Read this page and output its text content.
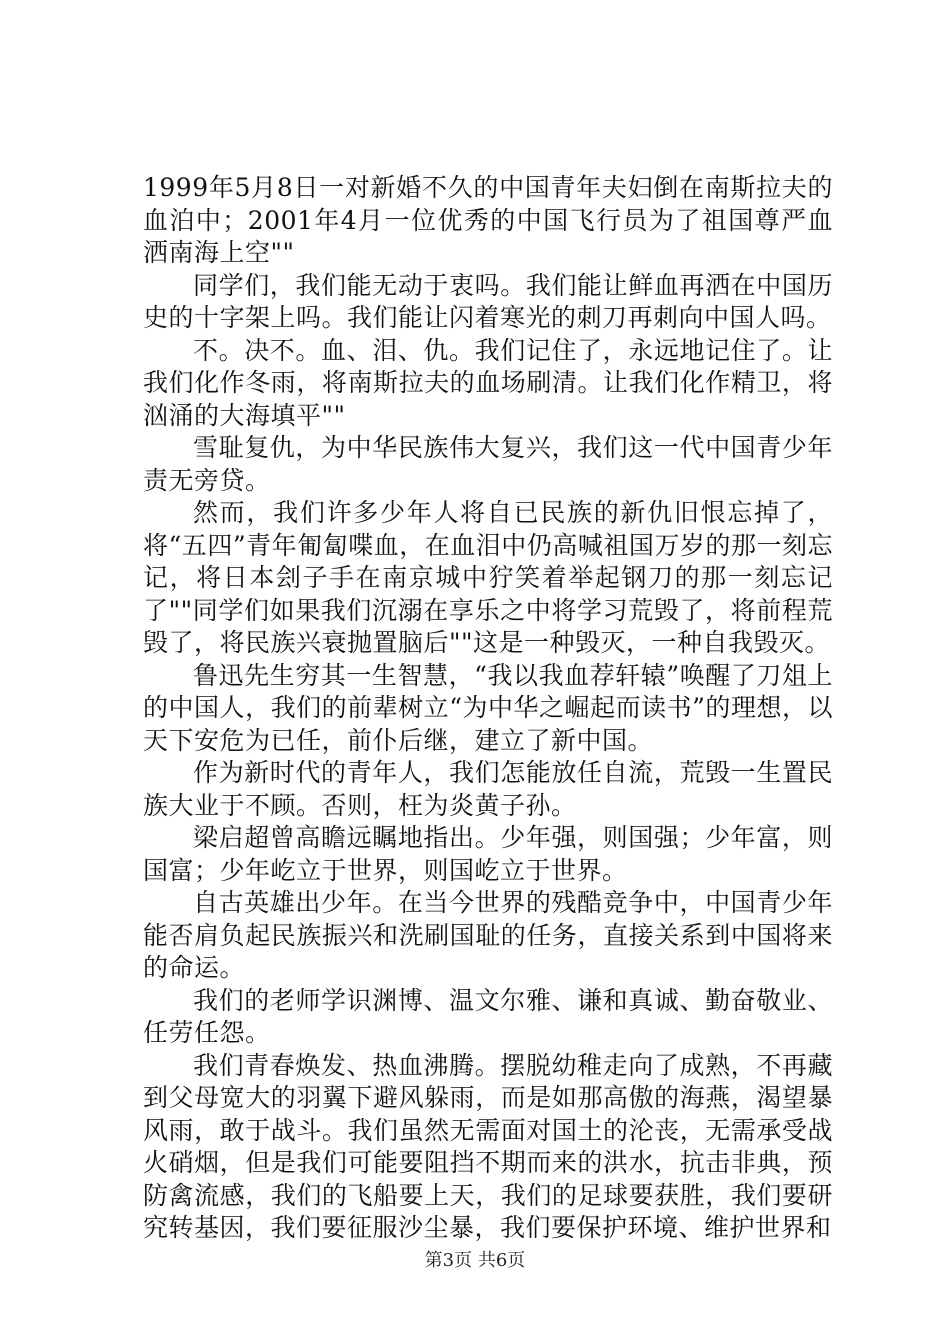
1999年5月8日一对新婚不久的中国青年夫妇倒在南斯拉夫的血泊中；2001年4月一位优秀的中国飞行员为了祖国尊严血洒南海上空""

同学们，我们能无动于衷吗。我们能让鲜血再洒在中国历史的十字架上吗。我们能让闪着寒光的刺刀再刺向中国人吗。

不。决不。血、泪、仇。我们记住了，永远地记住了。让我们化作冬雨，将南斯拉夫的血场刷清。让我们化作精卫，将汹涌的大海填平""

雪耻复仇，为中华民族伟大复兴，我们这一代中国青少年责无旁贷。

然而，我们许多少年人将自已民族的新仇旧恨忘掉了，将“五四”青年匍匐喋血，在血泪中仍高喊祖国万岁的那一刻忘记，将日本刽子手在南京城中狞笑着举起钢刀的那一刻忘记了""同学们如果我们沉溺在享乐之中将学习荒毁了，将前程荒毁了，将民族兴衰抛置脑后""这是一种毁灭，一种自我毁灭。

鲁迅先生穷其一生智慧，“我以我血荐轩辕”唤醒了刀俎上的中国人，我们的前辈树立“为中华之崛起而读书”的理想，以天下安危为已任，前仆后继，建立了新中国。

作为新时代的青年人，我们怎能放任自流，荒毁一生置民族大业于不顾。否则，枉为炎黄子孙。

梁启超曾高瞻远瞩地指出。少年强，则国强；少年富，则国富；少年屹立于世界，则国屹立于世界。

自古英雄出少年。在当今世界的残酷竞争中，中国青少年能否肩负起民族振兴和洗刷国耻的任务，直接关系到中国将来的命运。

我们的老师学识渊博、温文尔雅、谦和真诚、勤奋敬业、任劳任怨。

我们青春焕发、热血沸腾。摆脱幼稚走向了成熟，不再藏到父母宽大的羽翼下避风躲雨，而是如那高傲的海燕，渴望暴风雨，敢于战斗。我们虽然无需面对国土的沦丧，无需承受战火硝烟，但是我们可能要阻挡不期而来的洪水，抗击非典，预防禽流感，我们的飞船要上天，我们的足球要获胜，我们要研究转基因，我们要征服沙尘暴，我们要保护环境、维护世界和

第3页 共6页
